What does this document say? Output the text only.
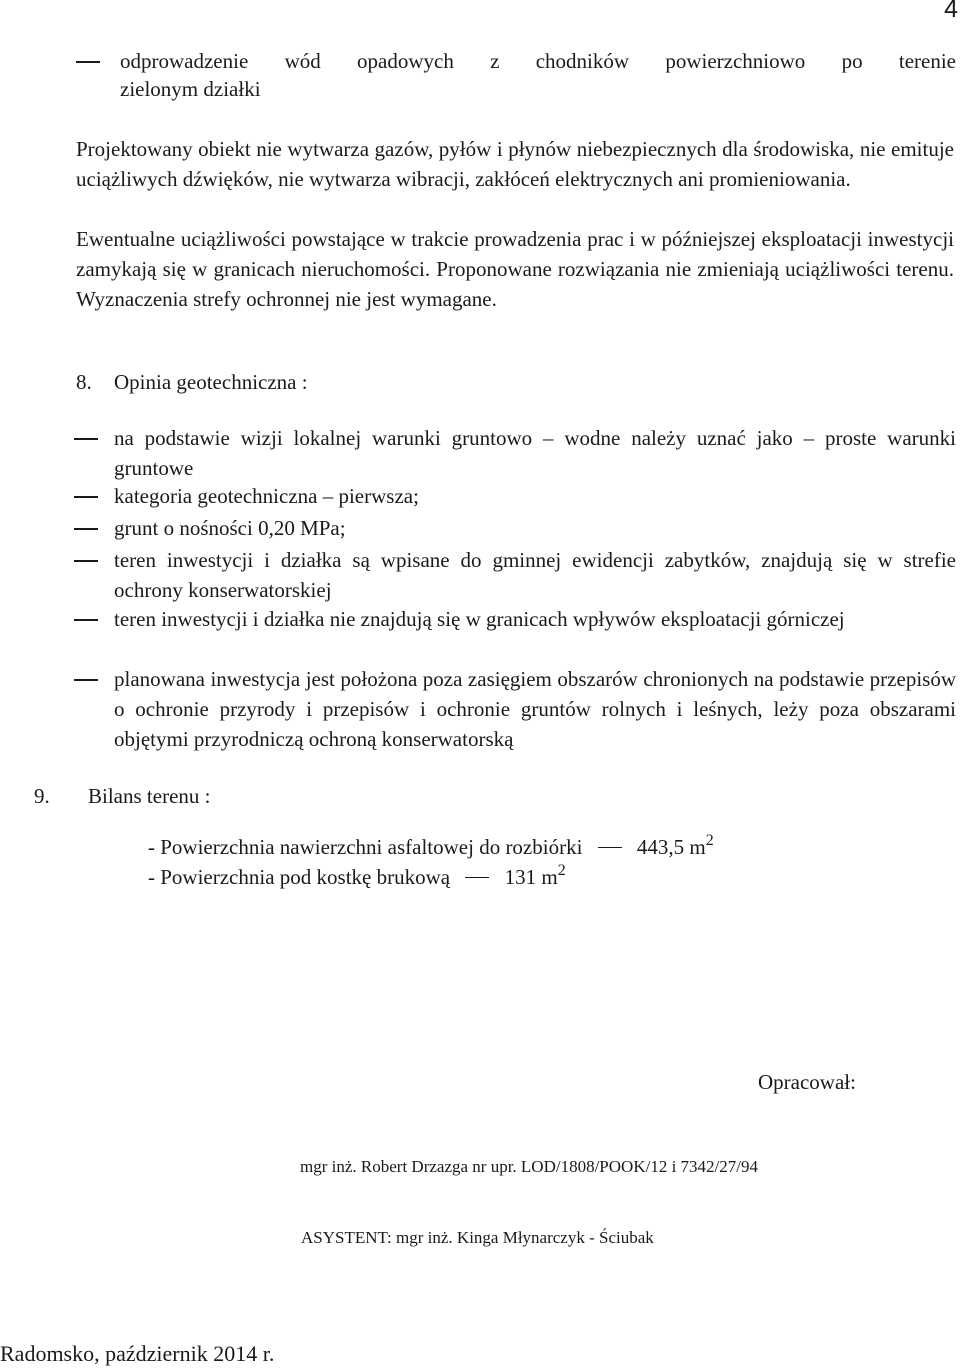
4
odprowadzenie wód opadowych z chodników powierzchniowo po terenie
zielonym działki
Projektowany obiekt nie wytwarza gazów, pyłów i płynów niebezpiecznych dla środowiska, nie emituje uciążliwych dźwięków, nie wytwarza wibracji, zakłóceń elektrycznych ani promieniowania.
Ewentualne uciążliwości powstające w trakcie prowadzenia prac i w późniejszej eksploatacji inwestycji zamykają się w granicach nieruchomości. Proponowane rozwiązania nie zmieniają uciążliwości terenu. Wyznaczenia strefy ochronnej nie jest wymagane.
8. Opinia geotechniczna :
na podstawie wizji lokalnej warunki gruntowo – wodne należy uznać jako – proste warunki gruntowe
kategoria geotechniczna – pierwsza;
grunt o nośności 0,20 MPa;
teren inwestycji i działka są wpisane do gminnej ewidencji zabytków, znajdują się w strefie ochrony konserwatorskiej
teren inwestycji i działka nie znajdują się w granicach wpływów eksploatacji górniczej
planowana inwestycja jest położona poza zasięgiem obszarów chronionych na podstawie przepisów o ochronie przyrody i przepisów i ochronie gruntów rolnych i leśnych, leży poza obszarami objętymi przyrodniczą ochroną konserwatorską
9. Bilans terenu :
- Powierzchnia nawierzchni asfaltowej do rozbiórki	443,5 $m^2$
- Powierzchnia pod kostkę brukową	131 $m^2$
Opracował:
mgr inż. Robert Drzazga nr upr. LOD/1808/POOK/12 i 7342/27/94
ASYSTENT: mgr inż. Kinga Młynarczyk - Ściubak
Radomsko, październik 2014 r.
